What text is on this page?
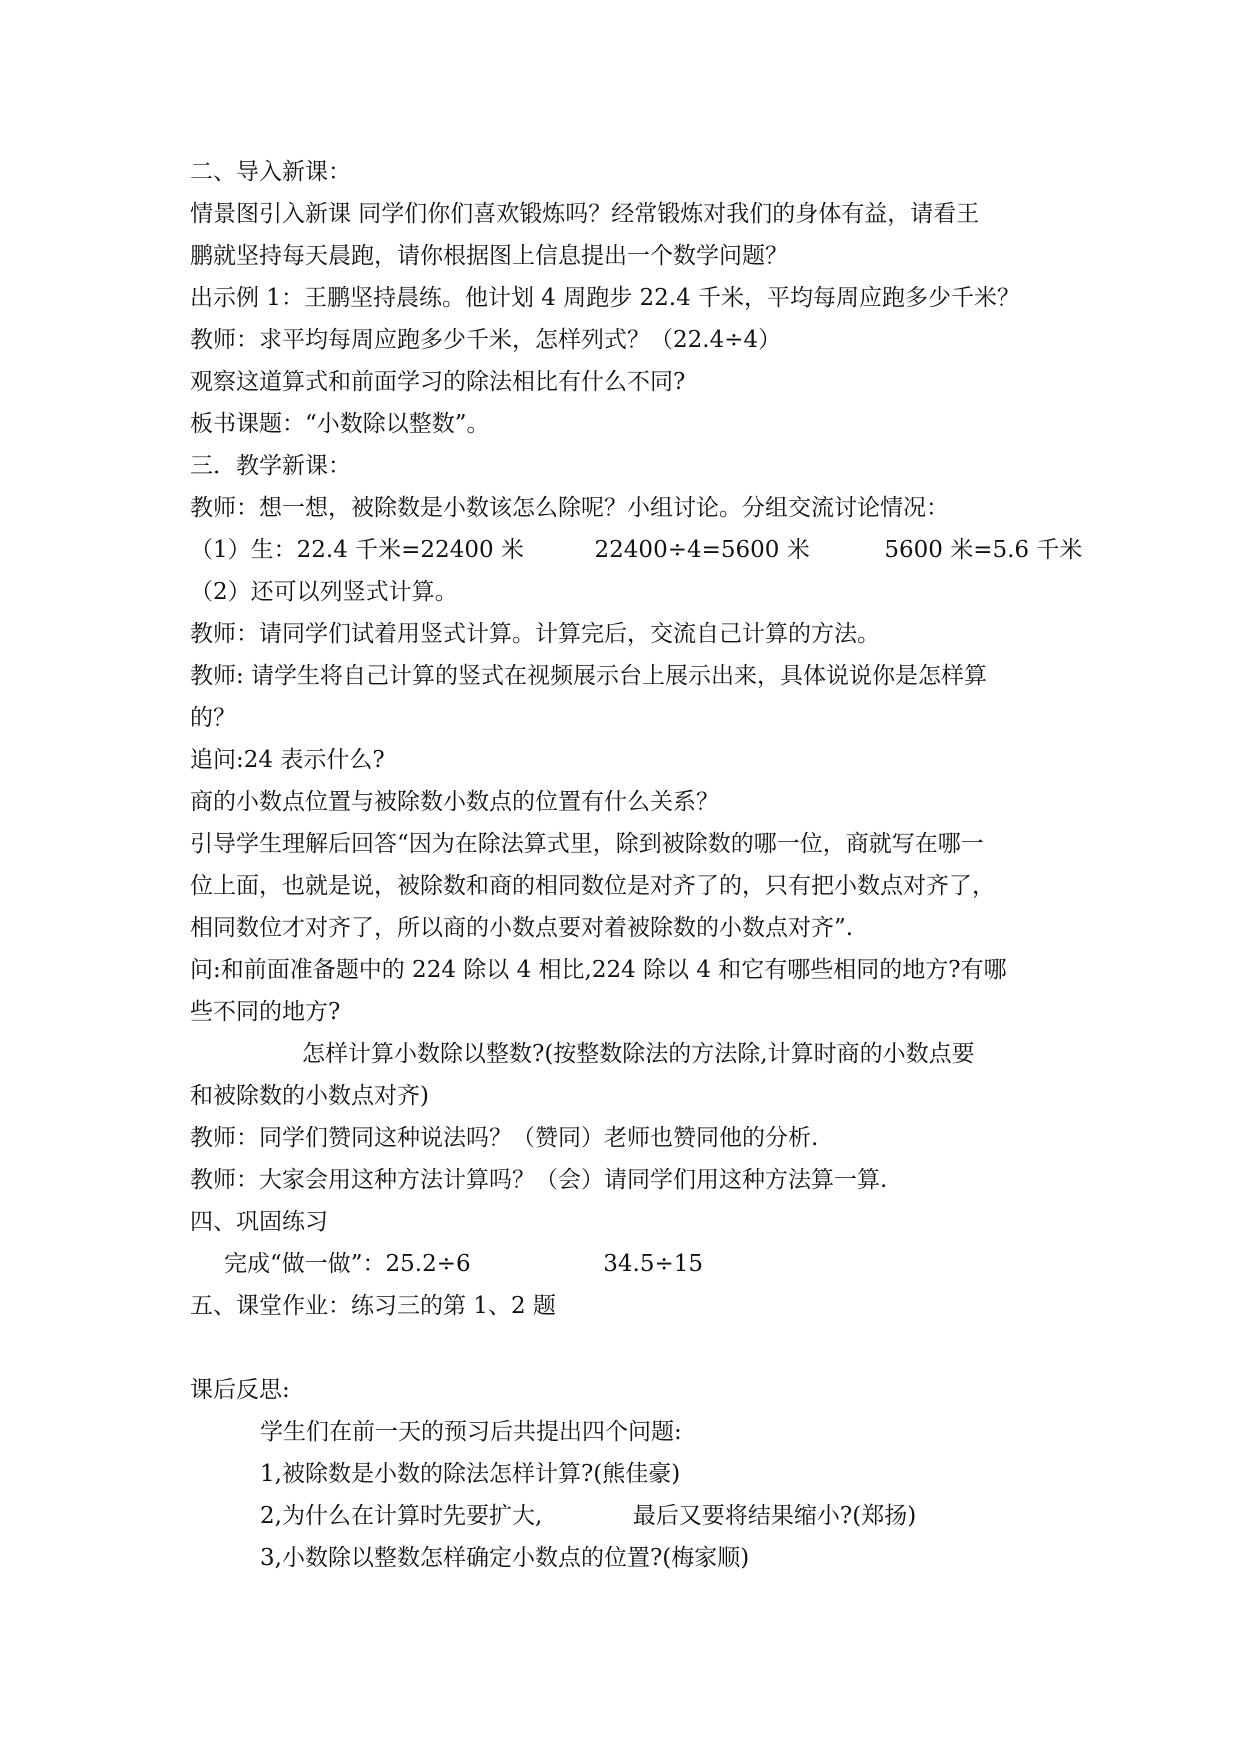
二、导入新课：
情景图引入新课 同学们你们喜欢锻炼吗？经常锻炼对我们的身体有益，请看王
鹏就坚持每天晨跑，请你根据图上信息提出一个数学问题？
出示例 1：王鹏坚持晨练。他计划 4 周跑步 22.4 千米，平均每周应跑多少千米？
教师：求平均每周应跑多少千米，怎样列式？（22.4÷4）
观察这道算式和前面学习的除法相比有什么不同?
板书课题：“小数除以整数”。
三．教学新课：
教师：想一想，被除数是小数该怎么除呢？小组讨论。分组交流讨论情况：
（1）生：22.4 千米=22400 米	22400÷4=5600 米	5600 米=5.6 千米
（2）还可以列竖式计算。
教师：请同学们试着用竖式计算。计算完后，交流自己计算的方法。
教师: 请学生将自己计算的竖式在视频展示台上展示出来，具体说说你是怎样算
的？
追问:24 表示什么?
商的小数点位置与被除数小数点的位置有什么关系？
引导学生理解后回答“因为在除法算式里，除到被除数的哪一位，商就写在哪一
位上面，也就是说，被除数和商的相同数位是对齐了的，只有把小数点对齐了，
相同数位才对齐了，所以商的小数点要对着被除数的小数点对齐”.
问:和前面准备题中的 224 除以 4 相比,224 除以 4 和它有哪些相同的地方?有哪
些不同的地方?
怎样计算小数除以整数?(按整数除法的方法除,计算时商的小数点要
和被除数的小数点对齐)
教师：同学们赞同这种说法吗？（赞同）老师也赞同他的分析.
教师：大家会用这种方法计算吗？（会）请同学们用这种方法算一算.
四、巩固练习
完成“做一做”：25.2÷6	34.5÷15
五、课堂作业：练习三的第 1、2 题
课后反思:
学生们在前一天的预习后共提出四个问题:
1,被除数是小数的除法怎样计算?(熊佳豪)
2,为什么在计算时先要扩大,	最后又要将结果缩小?(郑扬)
3,小数除以整数怎样确定小数点的位置?(梅家顺)
